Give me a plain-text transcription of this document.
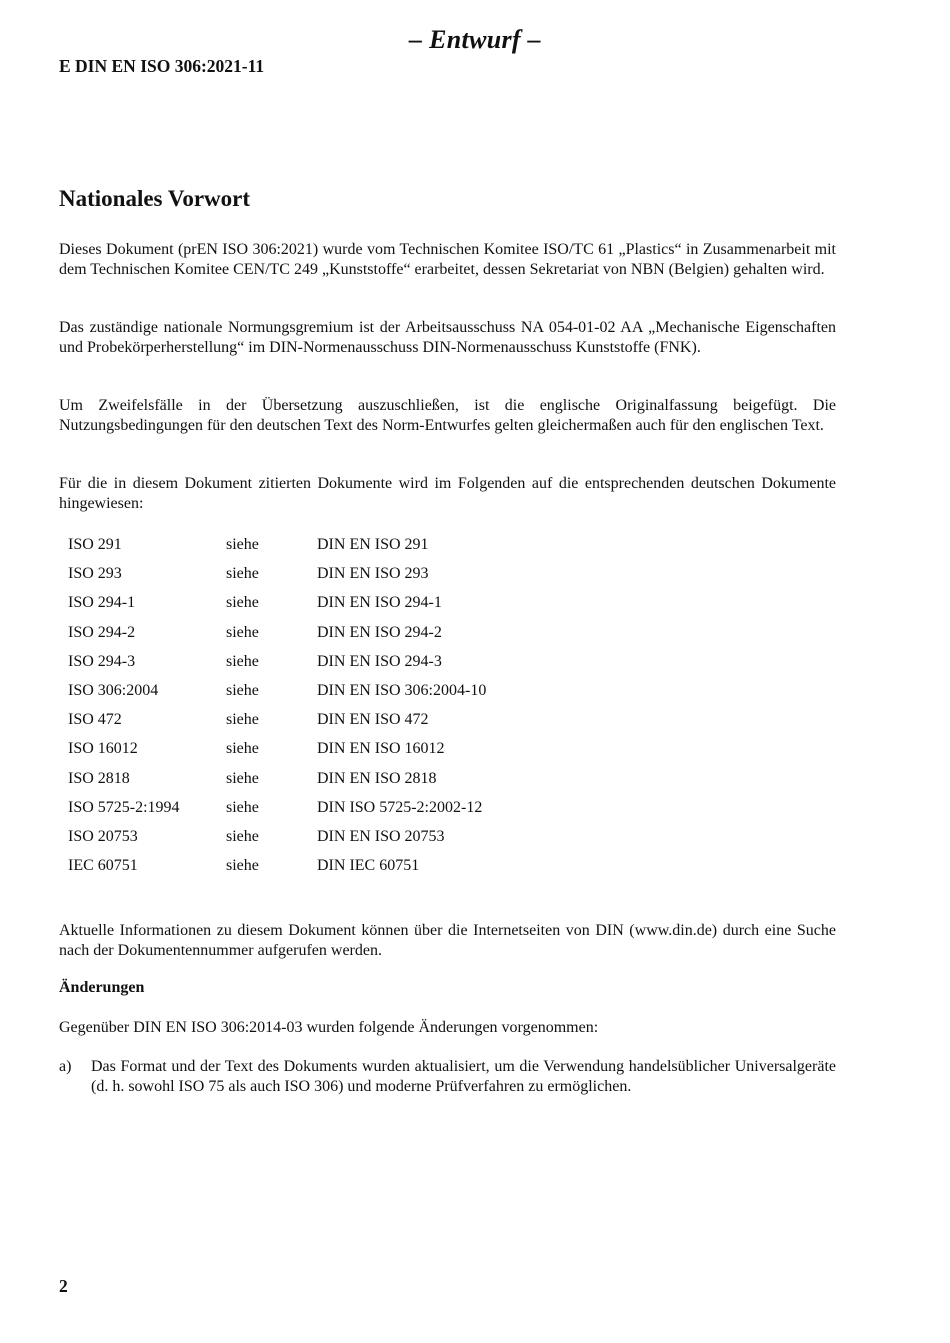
– Entwurf –
E DIN EN ISO 306:2021-11
Nationales Vorwort

Dieses Dokument (prEN ISO 306:2021) wurde vom Technischen Komitee ISO/TC 61 „Plastics“ in Zusammenarbeit mit dem Technischen Komitee CEN/TC 249 „Kunststoffe“ erarbeitet, dessen Sekretariat von NBN (Belgien) gehalten wird.

Das zuständige nationale Normungsgremium ist der Arbeitsausschuss NA 054-01-02 AA „Mechanische Eigenschaften und Probekörperherstellung“ im DIN-Normenausschuss DIN-Normenausschuss Kunststoffe (FNK).

Um Zweifelsfälle in der Übersetzung auszuschließen, ist die englische Originalfassung beigefügt. Die Nutzungsbedingungen für den deutschen Text des Norm-Entwurfes gelten gleichermaßen auch für den englischen Text.

Für die in diesem Dokument zitierten Dokumente wird im Folgenden auf die entsprechenden deutschen Dokumente hingewiesen:

ISO 291	siehe	DIN EN ISO 291
ISO 293	siehe	DIN EN ISO 293
ISO 294-1	siehe	DIN EN ISO 294-1
ISO 294-2	siehe	DIN EN ISO 294-2
ISO 294-3	siehe	DIN EN ISO 294-3
ISO 306:2004	siehe	DIN EN ISO 306:2004-10
ISO 472	siehe	DIN EN ISO 472
ISO 16012	siehe	DIN EN ISO 16012
ISO 2818	siehe	DIN EN ISO 2818
ISO 5725-2:1994	siehe	DIN ISO 5725-2:2002-12
ISO 20753	siehe	DIN EN ISO 20753
IEC 60751	siehe	DIN IEC 60751

Aktuelle Informationen zu diesem Dokument können über die Internetseiten von DIN (www.din.de) durch eine Suche nach der Dokumentennummer aufgerufen werden.

Änderungen

Gegenüber DIN EN ISO 306:2014-03 wurden folgende Änderungen vorgenommen:

a) Das Format und der Text des Dokuments wurden aktualisiert, um die Verwendung handelsüblicher Universalgeräte (d. h. sowohl ISO 75 als auch ISO 306) und moderne Prüfverfahren zu ermöglichen.
2
